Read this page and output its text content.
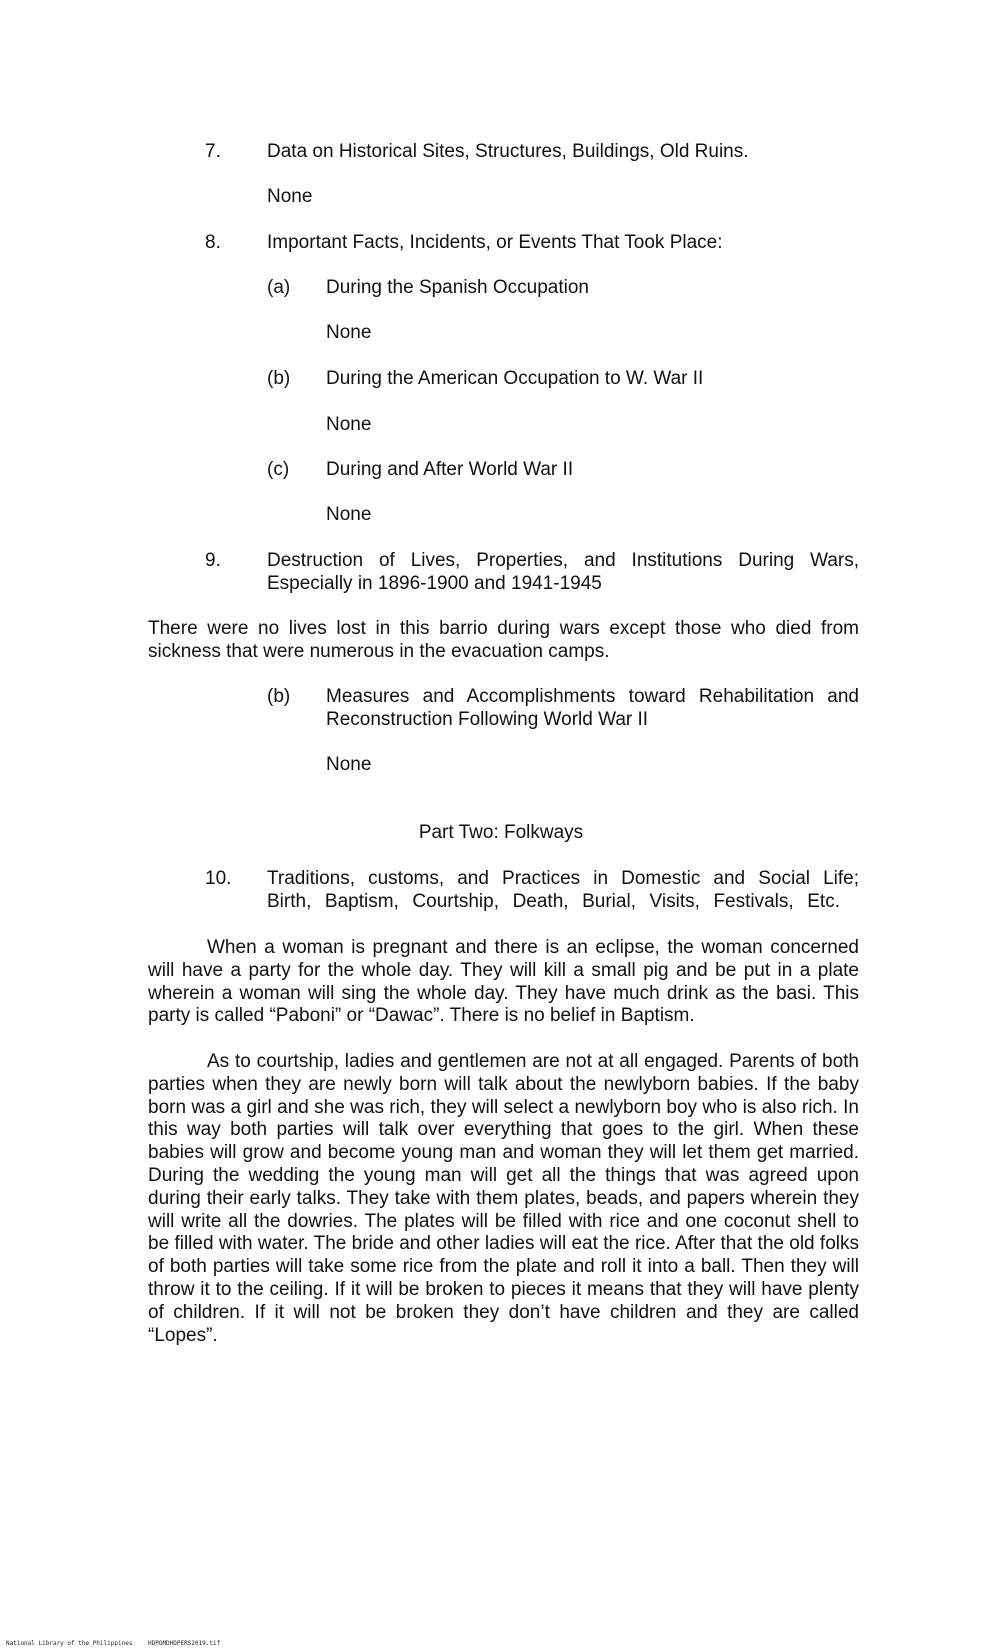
7. Data on Historical Sites, Structures, Buildings, Old Ruins.
None
8. Important Facts, Incidents, or Events That Took Place:
(a) During the Spanish Occupation
None
(b) During the American Occupation to W. War II
None
(c) During and After World War II
None
9. Destruction of Lives, Properties, and Institutions During Wars,
Especially in 1896-1900 and 1941-1945

There were no lives lost in this barrio during wars except those who died from sickness that were numerous in the evacuation camps.

(b) Measures and Accomplishments toward Rehabilitation and
Reconstruction Following World War II
None
Part Two: Folkways
10. Traditions, customs, and Practices in Domestic and Social Life;
Birth, Baptism, Courtship, Death, Burial, Visits, Festivals, Etc.

When a woman is pregnant and there is an eclipse, the woman concerned will have a party for the whole day. They will kill a small pig and be put in a plate wherein a woman will sing the whole day. They have much drink as the basi. This party is called “Paboni” or “Dawac”. There is no belief in Baptism.

As to courtship, ladies and gentlemen are not at all engaged. Parents of both parties when they are newly born will talk about the newlyborn babies. If the baby born was a girl and she was rich, they will select a newlyborn boy who is also rich. In this way both parties will talk over everything that goes to the girl. When these babies will grow and become young man and woman they will let them get married. During the wedding the young man will get all the things that was agreed upon during their early talks. They take with them plates, beads, and papers wherein they will write all the dowries. The plates will be filled with rice and one coconut shell to be filled with water. The bride and other ladies will eat the rice. After that the old folks of both parties will take some rice from the plate and roll it into a ball. Then they will throw it to the ceiling. If it will be broken to pieces it means that they will have plenty of children. If it will not be broken they don’t have children and they are called “Lopes”.

National Library of the Philippines	HDPOMDHDPERS2019.tif
